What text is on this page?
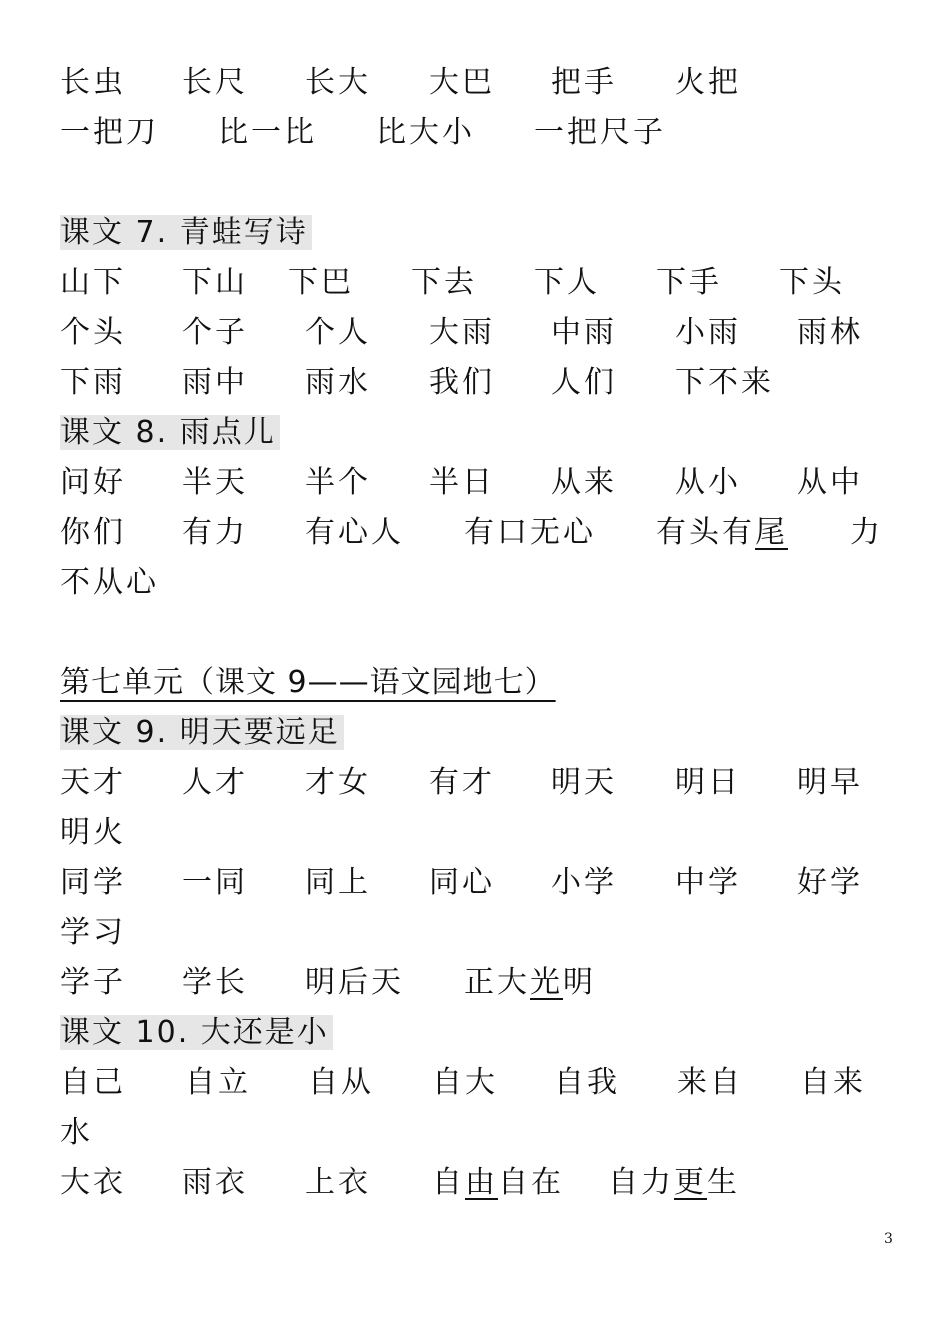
长虫 长尺 长大 大巴 把手 火把
一把刀 比一比 比大小 一把尺子
课文 7. 青蛙写诗
山下 下山 下巴 下去 下人 下手 下头
个头 个子 个人 大雨 中雨 小雨 雨林
下雨 雨中 雨水 我们 人们 下不来
课文 8. 雨点儿
问好 半天 半个 半日 从来 从小 从中
你们 有力 有心人 有口无心 有头有尾 力
不从心
第七单元（课文 9——语文园地七）
课文 9. 明天要远足
天才 人才 才女 有才 明天 明日 明早
明火
同学 一同 同上 同心 小学 中学 好学
学习
学子 学长 明后天 正大光明
课文 10. 大还是小
自己 自立 自从 自大 自我 来自 自来
水
大衣 雨衣 上衣 自由自在 自力更生
3
